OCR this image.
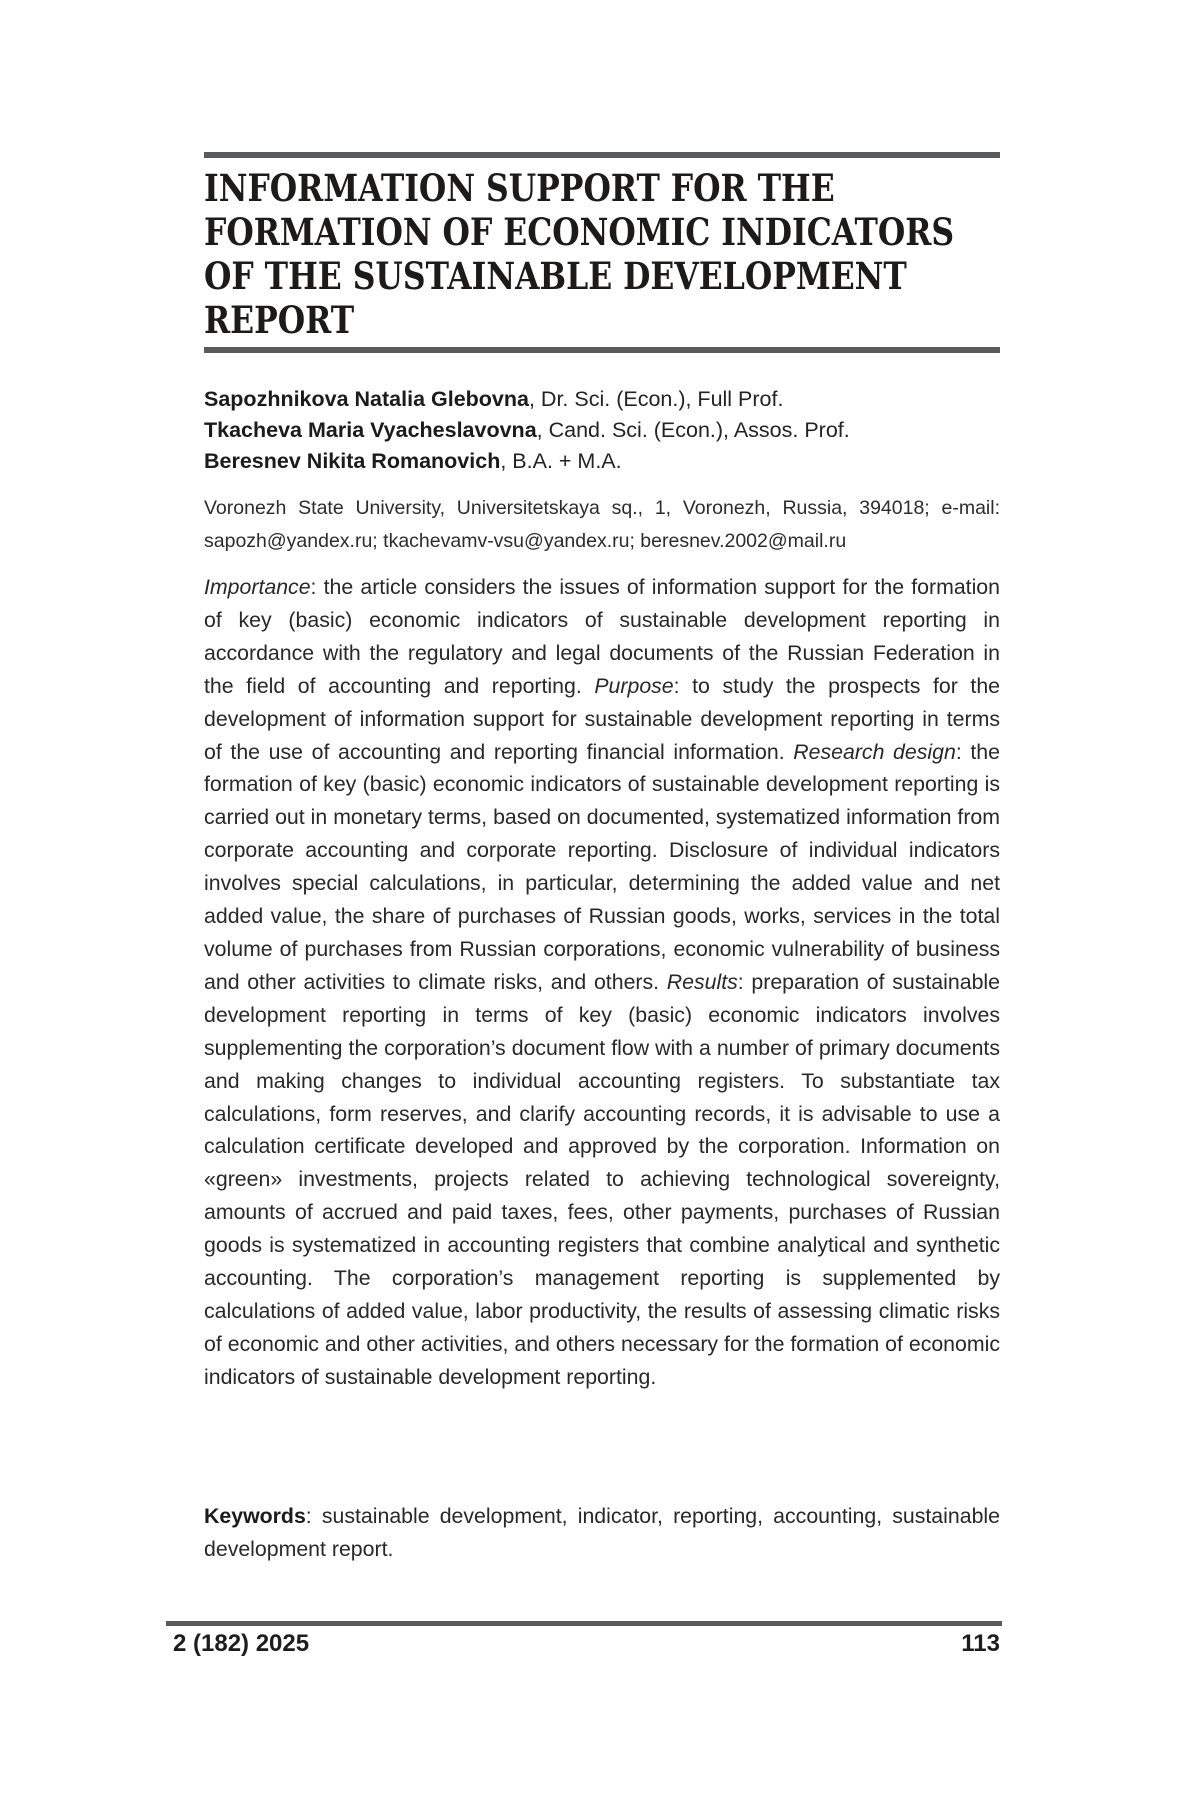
INFORMATION SUPPORT FOR THE
FORMATION OF ECONOMIC INDICATORS
OF THE SUSTAINABLE DEVELOPMENT
REPORT
Sapozhnikova Natalia Glebovna, Dr. Sci. (Econ.), Full Prof.
Tkacheva Maria Vyacheslavovna, Cand. Sci. (Econ.), Assos. Prof.
Beresnev Nikita Romanovich, B.A. + M.A.
Voronezh State University, Universitetskaya sq., 1, Voronezh, Russia, 394018; e-mail: sapozh@yandex.ru; tkachevamv-vsu@yandex.ru; beresnev.2002@mail.ru

Importance: the article considers the issues of information support for the formation of key (basic) economic indicators of sustainable development reporting in accordance with the regulatory and legal documents of the Russian Federation in the field of accounting and reporting. Purpose: to study the prospects for the development of information support for sustainable development reporting in terms of the use of accounting and reporting financial information. Research design: the formation of key (basic) economic indicators of sustainable development reporting is carried out in monetary terms, based on documented, systematized information from corporate accounting and corporate reporting. Disclosure of individual indicators involves special calculations, in particular, determining the added value and net added value, the share of purchases of Russian goods, works, services in the total volume of purchases from Russian corporations, economic vulnerability of business and other activities to climate risks, and others. Results: preparation of sustainable development reporting in terms of key (basic) economic indicators involves supplementing the corporation’s document flow with a number of primary documents and making changes to individual accounting registers. To substantiate tax calculations, form reserves, and clarify accounting records, it is advisable to use a calculation certificate developed and approved by the corporation. Information on «green» investments, projects related to achieving technological sovereignty, amounts of accrued and paid taxes, fees, other payments, purchases of Russian goods is systematized in accounting registers that combine analytical and synthetic accounting. The corporation’s management reporting is supplemented by calculations of added value, labor productivity, the results of assessing climatic risks of economic and other activities, and others necessary for the formation of economic indicators of sustainable development reporting.

Keywords: sustainable development, indicator, reporting, accounting, sustainable development report.

2 (182) 2025	113
